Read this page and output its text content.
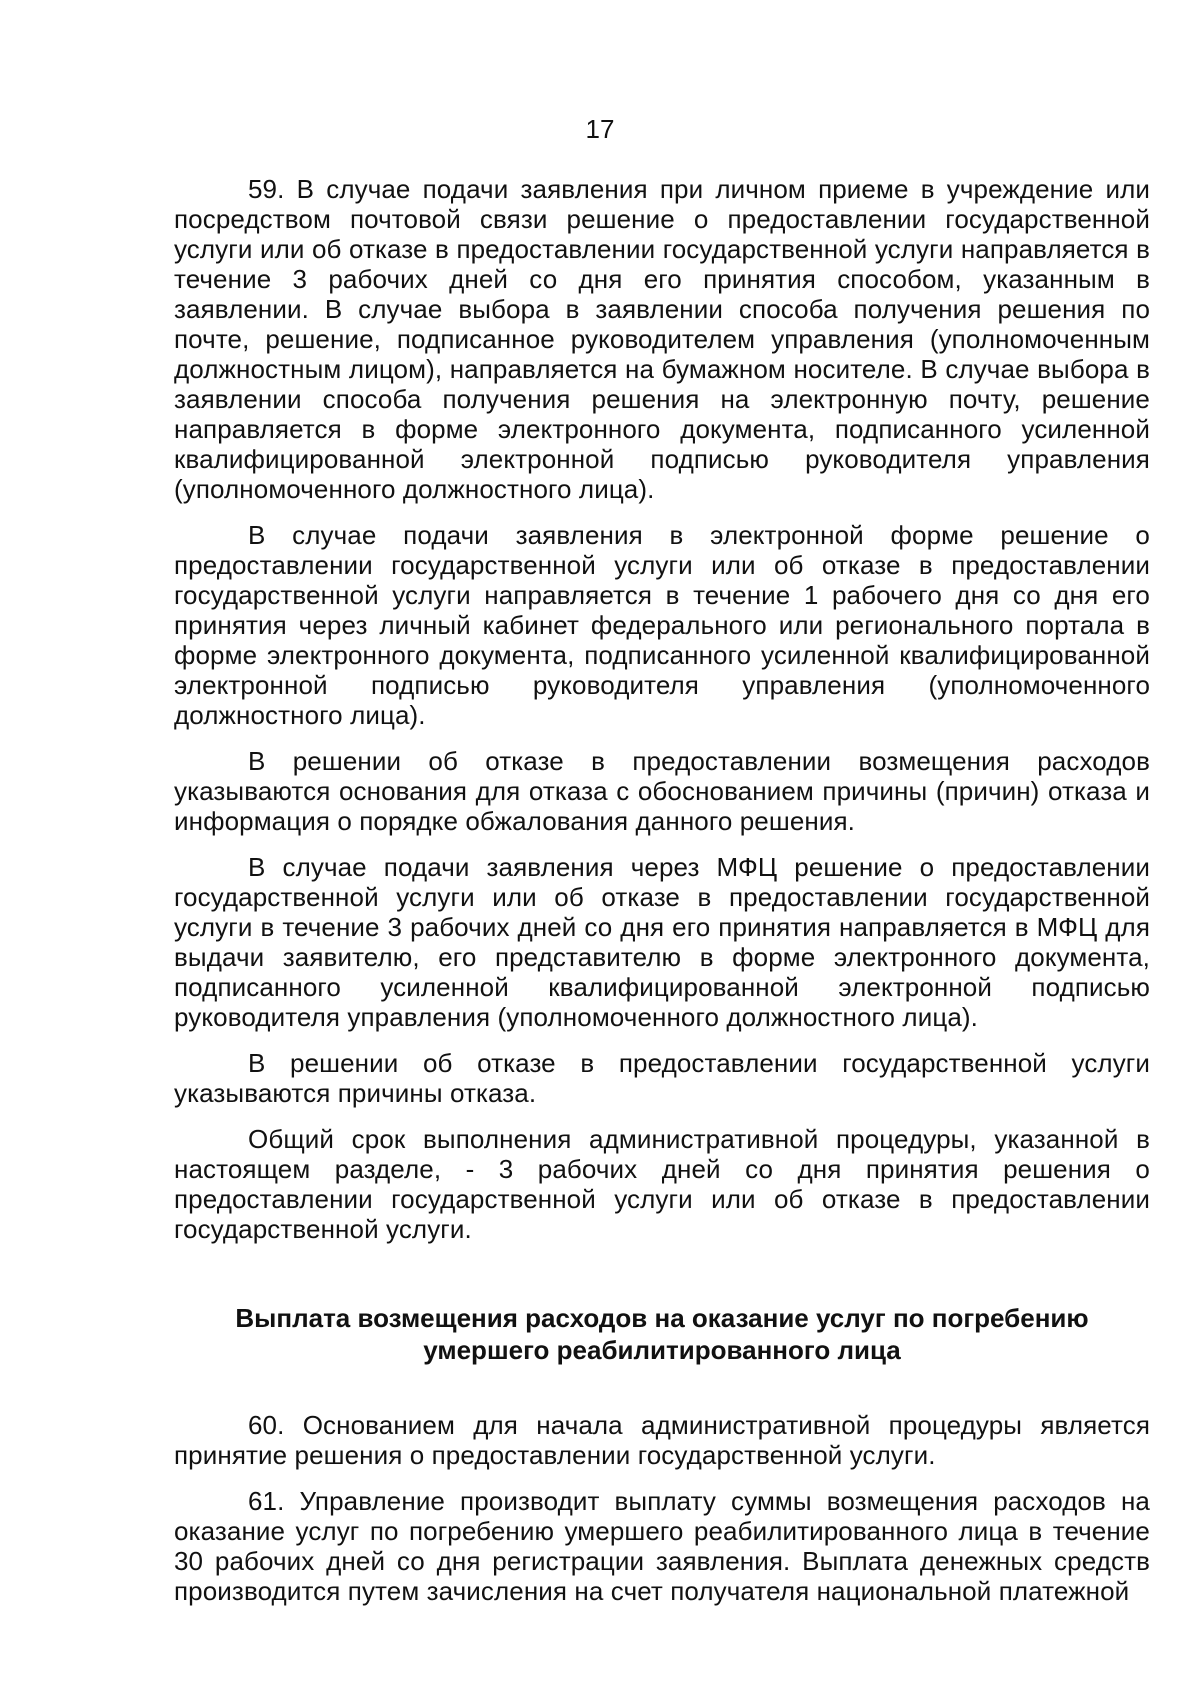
17

59. В случае подачи заявления при личном приеме в учреждение или посредством почтовой связи решение о предоставлении государственной услуги или об отказе в предоставлении государственной услуги направляется в течение 3 рабочих дней со дня его принятия способом, указанным в заявлении. В случае выбора в заявлении способа получения решения по почте, решение, подписанное руководителем управления (уполномоченным должностным лицом), направляется на бумажном носителе. В случае выбора в заявлении способа получения решения на электронную почту, решение направляется в форме электронного документа, подписанного усиленной квалифицированной электронной подписью руководителя управления (уполномоченного должностного лица).

В случае подачи заявления в электронной форме решение о предоставлении государственной услуги или об отказе в предоставлении государственной услуги направляется в течение 1 рабочего дня со дня его принятия через личный кабинет федерального или регионального портала в форме электронного документа, подписанного усиленной квалифицированной электронной подписью руководителя управления (уполномоченного должностного лица).

В решении об отказе в предоставлении возмещения расходов указываются основания для отказа с обоснованием причины (причин) отказа и информация о порядке обжалования данного решения.

В случае подачи заявления через МФЦ решение о предоставлении государственной услуги или об отказе в предоставлении государственной услуги в течение 3 рабочих дней со дня его принятия направляется в МФЦ для выдачи заявителю, его представителю в форме электронного документа, подписанного усиленной квалифицированной электронной подписью руководителя управления (уполномоченного должностного лица).

В решении об отказе в предоставлении государственной услуги указываются причины отказа.

Общий срок выполнения административной процедуры, указанной в настоящем разделе, - 3 рабочих дней со дня принятия решения о предоставлении государственной услуги или об отказе в предоставлении государственной услуги.

Выплата возмещения расходов на оказание услуг по погребению
умершего реабилитированного лица

60. Основанием для начала административной процедуры является принятие решения о предоставлении государственной услуги.

61. Управление производит выплату суммы возмещения расходов на оказание услуг по погребению умершего реабилитированного лица в течение 30 рабочих дней со дня регистрации заявления. Выплата денежных средств производится путем зачисления на счет получателя национальной платежной
